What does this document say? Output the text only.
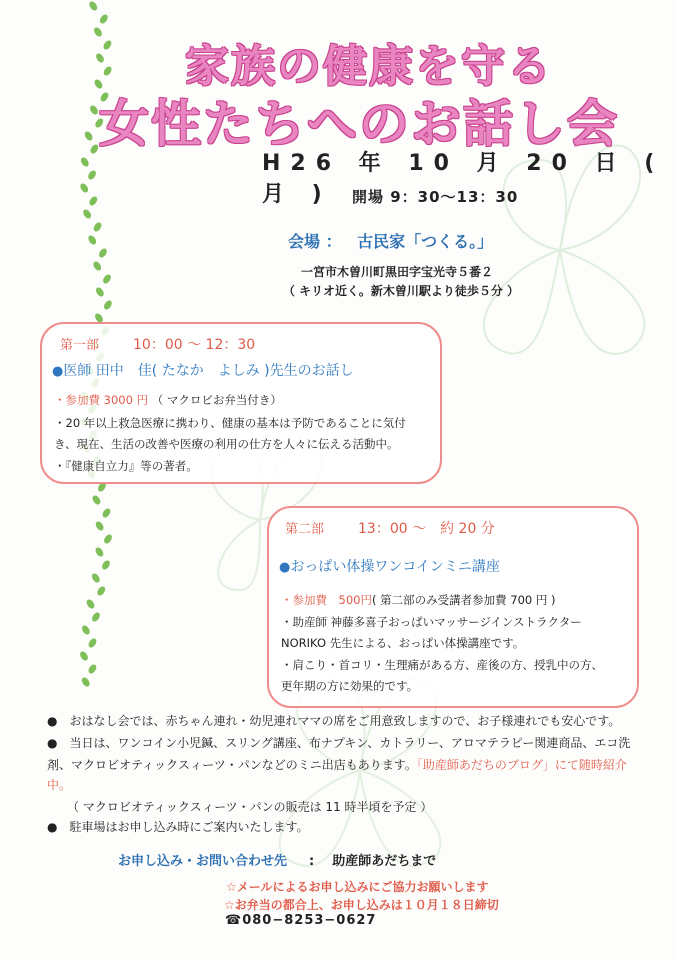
家族の健康を守る
女性たちへのお話し会
H26 年 10 月 20 日 ( 月 )	開場 9：30〜13：30
会場 ： 古民家「つくる。」
一宮市木曽川町黒田字宝光寺５番２
（ キリオ近く。新木曽川駅より徒歩５分 ）
第一部 10：00 〜 12：30
●医師 田中　佳( たなか　よしみ )先生のお話し
・参加費 3000 円 （ マクロビお弁当付き）
・20 年以上救急医療に携わり、健康の基本は予防であることに気付
き、現在、生活の改善や医療の利用の仕方を人々に伝える活動中。
・『健康自立力』等の著者。
第二部 13：00 〜　約 20 分
●おっぱい体操ワンコインミニ講座
・参加費　500円( 第二部のみ受講者参加費 700 円 )
・助産師 神藤多喜子おっぱいマッサージインストラクター
NORIKO 先生による、おっぱい体操講座です。
・肩こり・首コリ・生理痛がある方、産後の方、授乳中の方、
更年期の方に効果的です。
●　 おはなし会では、赤ちゃん連れ・幼児連れママの席をご用意致しますので、お子様連れでも安心です。
●　 当日は、ワンコイン小児鍼、スリング講座、布ナプキン、カトラリー、アロマテラピー関連商品、エコ洗
剤、マクロビオティックスィーツ・パンなどのミニ出店もあります。「助産師あだちのブログ」にて随時紹介
中。
（ マクロビオティックスィーツ・パンの販売は 11 時半頃を予定 ）
●　 駐車場はお申し込み時にご案内いたします。
お申し込み・お問い合わせ先 : 助産師あだちまで
☆メールによるお申し込みにご協力お願いします
☆お弁当の都合上、お申し込みは１０月１８日締切
☎080−8253−0627
